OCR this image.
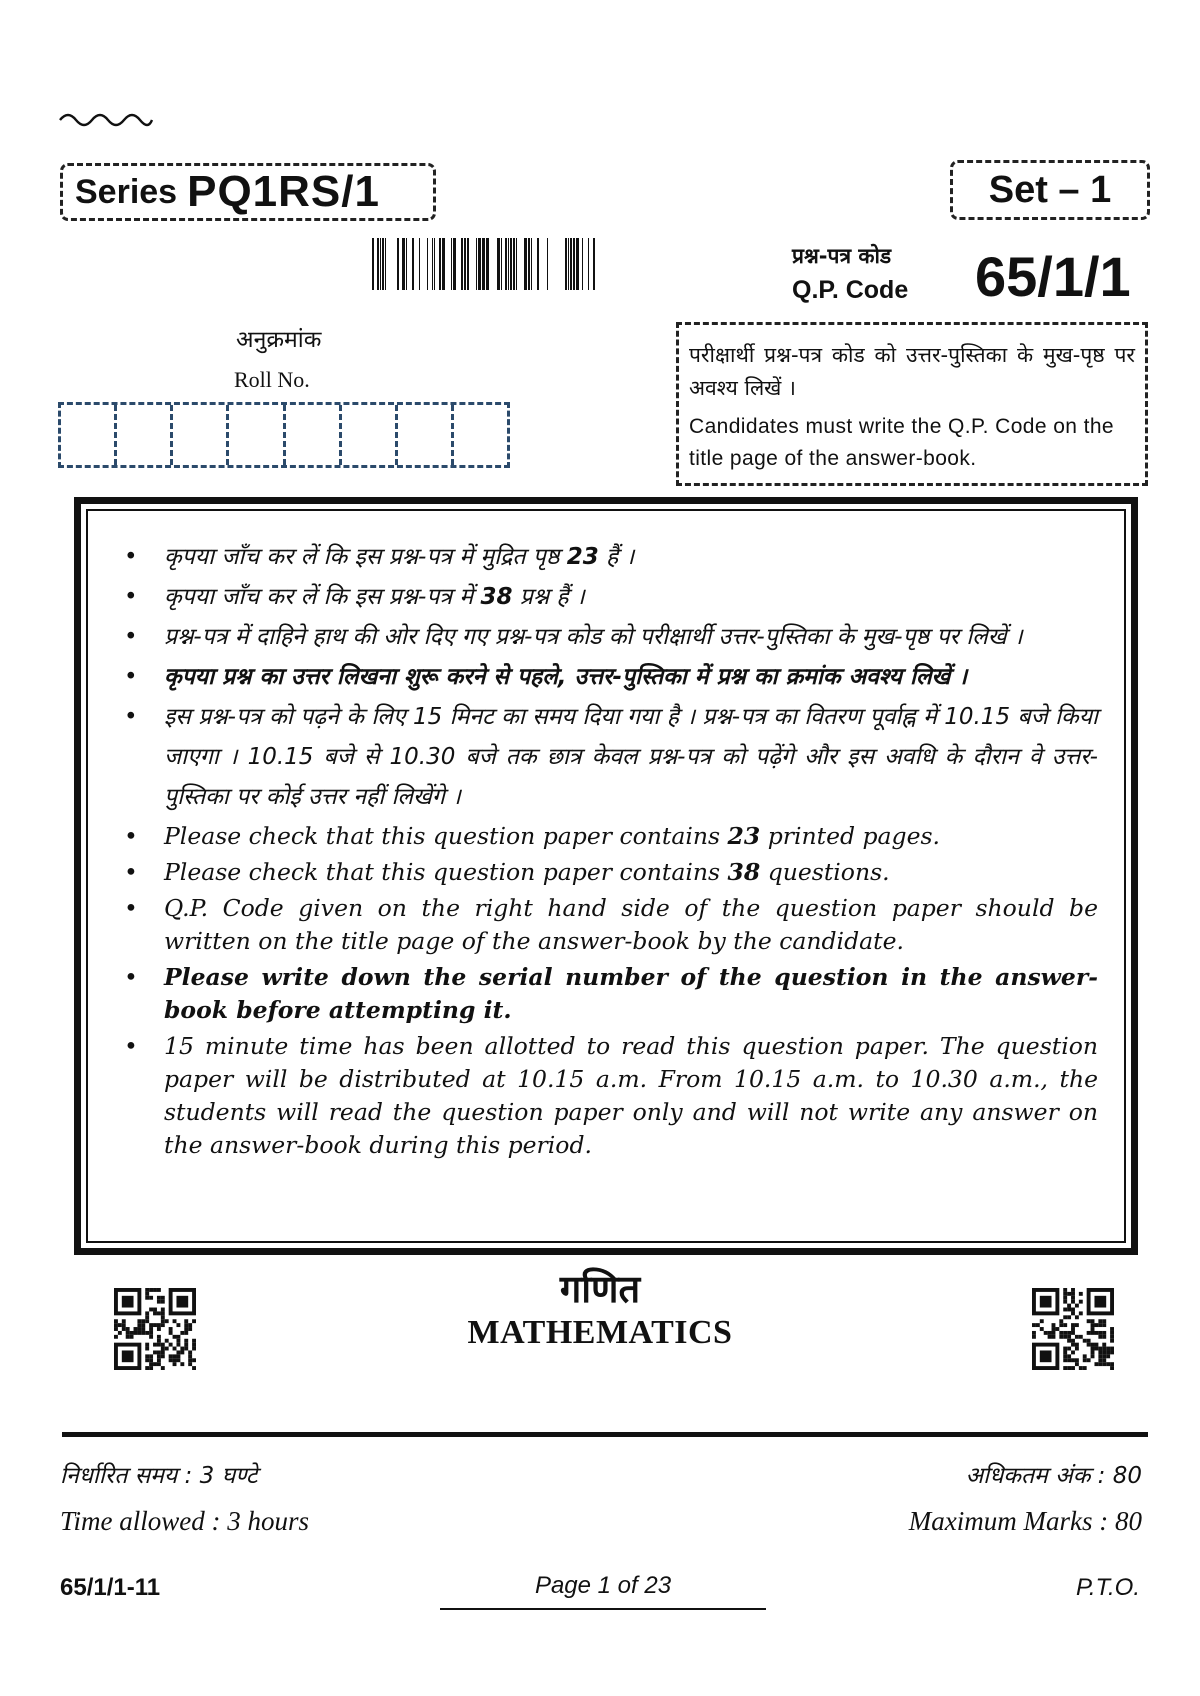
Series PQ1RS/1	Set – 1
प्रश्न-पत्र कोड
Q.P. Code 65/1/1
अनुक्रमांक
Roll No.
परीक्षार्थी प्रश्न-पत्र कोड को उत्तर-पुस्तिका के मुख-पृष्ठ पर अवश्य लिखें ।
Candidates must write the Q.P. Code on the title page of the answer-book.
• कृपया जाँच कर लें कि इस प्रश्न-पत्र में मुद्रित पृष्ठ 23 हैं ।
• कृपया जाँच कर लें कि इस प्रश्न-पत्र में 38 प्रश्न हैं ।
• प्रश्न-पत्र में दाहिने हाथ की ओर दिए गए प्रश्न-पत्र कोड को परीक्षार्थी उत्तर-पुस्तिका के मुख-पृष्ठ पर लिखें ।
• कृपया प्रश्न का उत्तर लिखना शुरू करने से पहले, उत्तर-पुस्तिका में प्रश्न का क्रमांक अवश्य लिखें ।
• इस प्रश्न-पत्र को पढ़ने के लिए 15 मिनट का समय दिया गया है । प्रश्न-पत्र का वितरण पूर्वाह्न में 10.15 बजे किया जाएगा । 10.15 बजे से 10.30 बजे तक छात्र केवल प्रश्न-पत्र को पढ़ेंगे और इस अवधि के दौरान वे उत्तर-पुस्तिका पर कोई उत्तर नहीं लिखेंगे ।
• Please check that this question paper contains 23 printed pages.
• Please check that this question paper contains 38 questions.
• Q.P. Code given on the right hand side of the question paper should be written on the title page of the answer-book by the candidate.
• Please write down the serial number of the question in the answer-book before attempting it.
• 15 minute time has been allotted to read this question paper. The question paper will be distributed at 10.15 a.m. From 10.15 a.m. to 10.30 a.m., the students will read the question paper only and will not write any answer on the answer-book during this period.
गणित
MATHEMATICS
निर्धारित समय : 3 घण्टे	अधिकतम अंक : 80
Time allowed : 3 hours	Maximum Marks : 80
65/1/1-11	Page 1 of 23	P.T.O.
